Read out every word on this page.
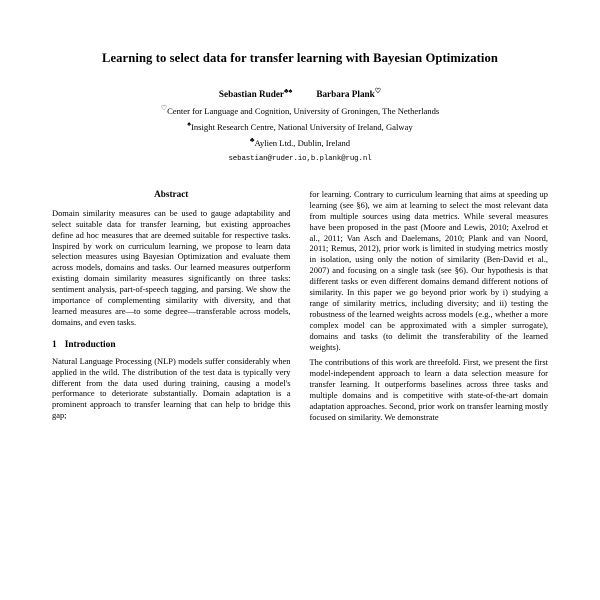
Learning to select data for transfer learning with Bayesian Optimization
Sebastian Ruder♣♠	Barbara Plank♡
♡Center for Language and Cognition, University of Groningen, The Netherlands
♠Insight Research Centre, National University of Ireland, Galway
♣Aylien Ltd., Dublin, Ireland
sebastian@ruder.io,b.plank@rug.nl
Abstract

Domain similarity measures can be used to gauge adaptability and select suitable data for transfer learning, but existing approaches define ad hoc measures that are deemed suitable for respective tasks. Inspired by work on curriculum learning, we propose to learn data selection measures using Bayesian Optimization and evaluate them across models, domains and tasks. Our learned measures outperform existing domain similarity measures significantly on three tasks: sentiment analysis, part-of-speech tagging, and parsing. We show the importance of complementing similarity with diversity, and that learned measures are—to some degree—transferable across models, domains, and even tasks.

1 Introduction

Natural Language Processing (NLP) models suffer considerably when applied in the wild. The distribution of the test data is typically very different from the data used during training, causing a model's performance to deteriorate substantially. Domain adaptation is a prominent approach to transfer learning that can help to bridge this gap;

for learning. Contrary to curriculum learning that aims at speeding up learning (see §6), we aim at learning to select the most relevant data from multiple sources using data metrics. While several measures have been proposed in the past (Moore and Lewis, 2010; Axelrod et al., 2011; Van Asch and Daelemans, 2010; Plank and van Noord, 2011; Remus, 2012), prior work is limited in studying metrics mostly in isolation, using only the notion of similarity (Ben-David et al., 2007) and focusing on a single task (see §6). Our hypothesis is that different tasks or even different domains demand different notions of similarity. In this paper we go beyond prior work by i) studying a range of similarity metrics, including diversity; and ii) testing the robustness of the learned weights across models (e.g., whether a more complex model can be approximated with a simpler surrogate), domains and tasks (to delimit the transferability of the learned weights).

The contributions of this work are threefold. First, we present the first model-independent approach to learn a data selection measure for transfer learning. It outperforms baselines across three tasks and multiple domains and is competitive with state-of-the-art domain adaptation approaches. Second, prior work on transfer learning mostly focused on similarity. We demonstrate
